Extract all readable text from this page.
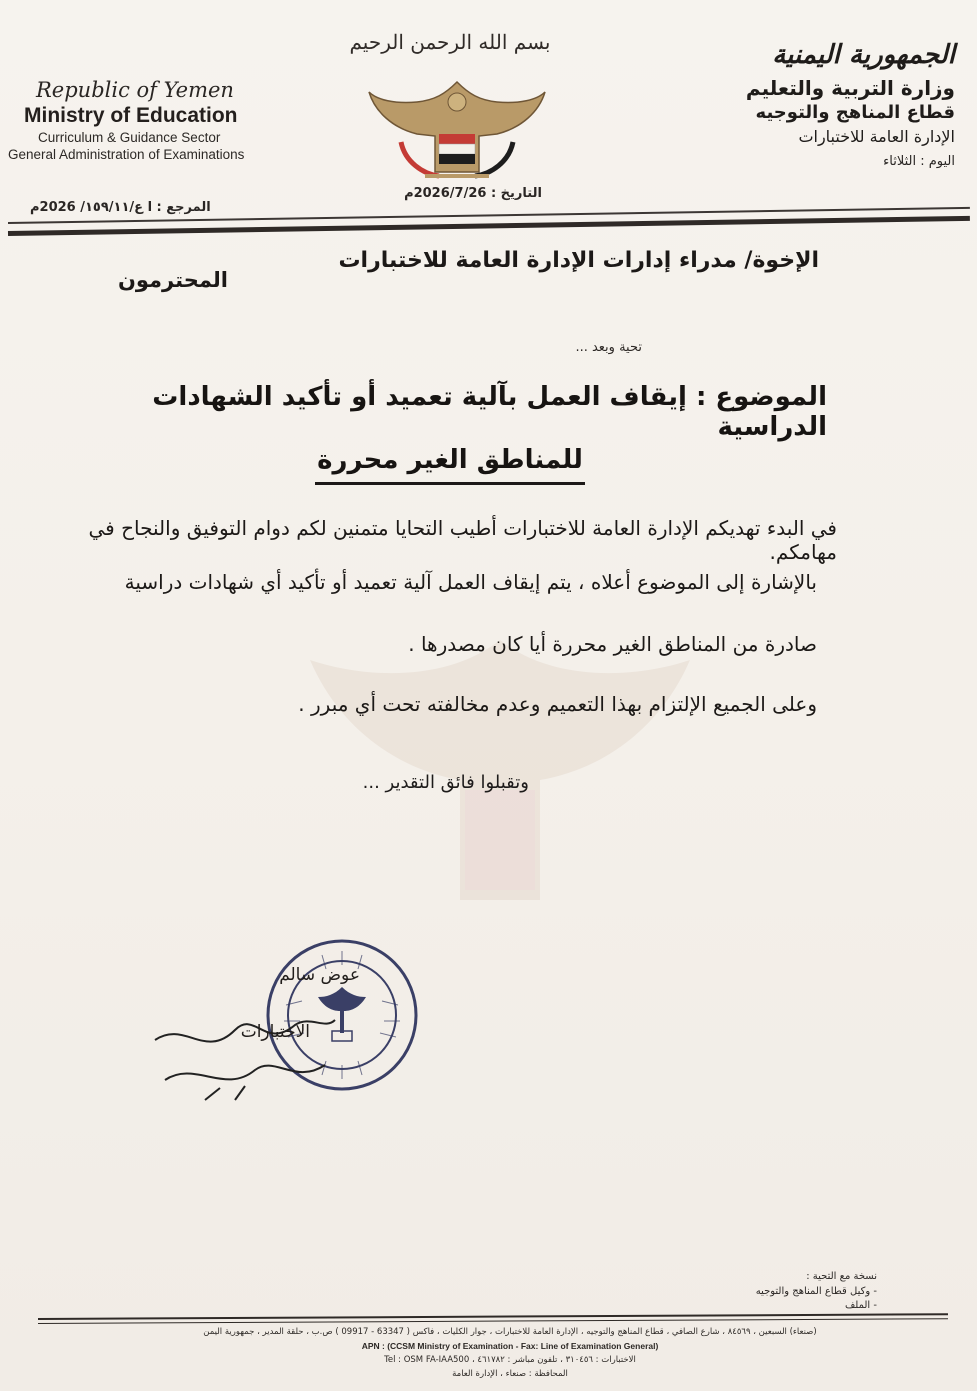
Republic of Yemen
Ministry of Education
Curriculum & Guidance Sector
General Administration of Examinations
المرجع : ا ع/١٥٩/١١/ 2026م
بسم الله الرحمن الرحيم
التاريخ : 2026/7/26م
الجمهورية اليمنية
وزارة التربية والتعليم
قطاع المناهج والتوجيه
الإدارة العامة للاختبارات
اليوم : الثلاثاء
الإخوة/ مدراء إدارات الإدارة العامة للاختبارات
المحترمون
تحية وبعد ...
الموضوع : إيقاف العمل بآلية تعميد أو تأكيد الشهادات الدراسية
للمناطق الغير محررة
في البدء تهديكم الإدارة العامة للاختبارات أطيب التحايا متمنين لكم دوام التوفيق والنجاح في مهامكم.
بالإشارة إلى الموضوع أعلاه ، يتم إيقاف العمل آلية تعميد أو تأكيد أي شهادات دراسية
صادرة من المناطق الغير محررة أيا كان مصدرها .
وعلى الجميع الإلتزام بهذا التعميم وعدم مخالفته تحت أي مبرر .
وتقبلوا فائق التقدير ...
عوض سالم
الاختبارات
نسخة مع التحية :
- وكيل قطاع المناهج والتوجيه
- الملف
(صنعاء) السبعين ، ٨٤٥٦٩ ، شارع الصافي ، قطاع المناهج والتوجيه ، الإدارة العامة للاختبارات ، جوار الكليات ، فاكس ( 63347 - 09917 ) ص.ب ، حلقة المدير ، جمهورية اليمن
APN : (CCSM Ministry of Examination - Fax: Line of Examination General)
الاختبارات : ٣١٠٤٥٦ ، تلفون مباشر : ٤٦١٧٨٢ ، Tel : OSM FA-IAA500
المحافظة : صنعاء ، الإدارة العامة
